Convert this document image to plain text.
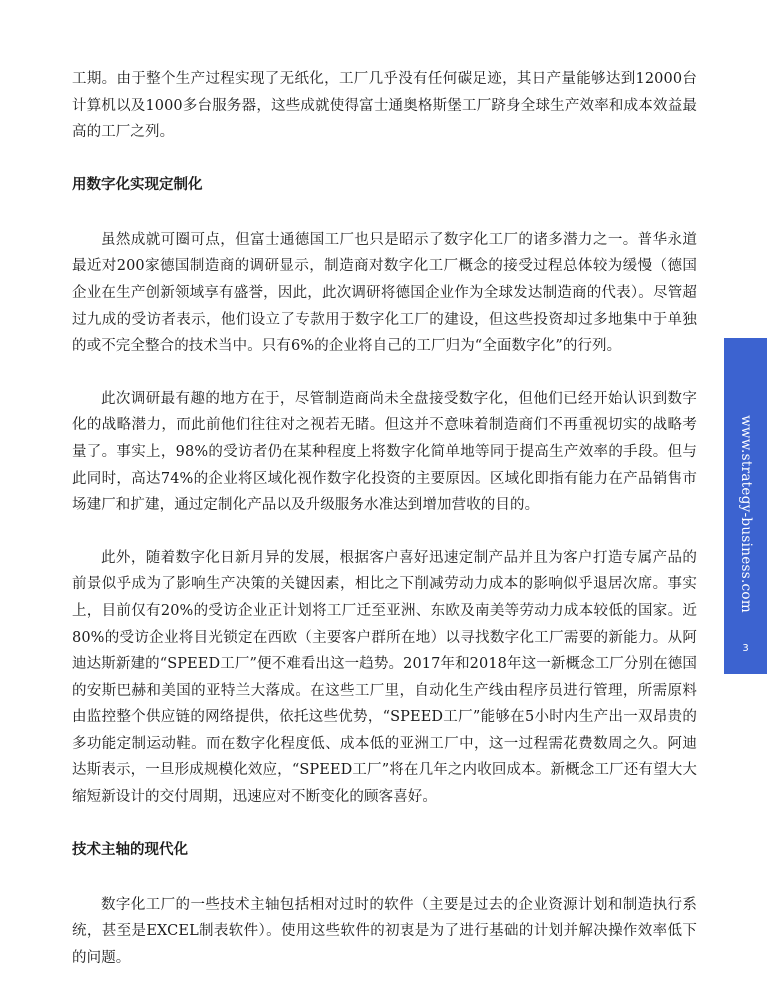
工期。由于整个生产过程实现了无纸化，工厂几乎没有任何碳足迹，其日产量能够达到12000台计算机以及1000多台服务器，这些成就使得富士通奥格斯堡工厂跻身全球生产效率和成本效益最高的工厂之列。

用数字化实现定制化

虽然成就可圈可点，但富士通德国工厂也只是昭示了数字化工厂的诸多潜力之一。普华永道最近对200家德国制造商的调研显示，制造商对数字化工厂概念的接受过程总体较为缓慢（德国企业在生产创新领域享有盛誉，因此，此次调研将德国企业作为全球发达制造商的代表）。尽管超过九成的受访者表示，他们设立了专款用于数字化工厂的建设，但这些投资却过多地集中于单独的或不完全整合的技术当中。只有6%的企业将自己的工厂归为“全面数字化”的行列。

此次调研最有趣的地方在于，尽管制造商尚未全盘接受数字化，但他们已经开始认识到数字化的战略潜力，而此前他们往往对之视若无睹。但这并不意味着制造商们不再重视切实的战略考量了。事实上，98%的受访者仍在某种程度上将数字化简单地等同于提高生产效率的手段。但与此同时，高达74%的企业将区域化视作数字化投资的主要原因。区域化即指有能力在产品销售市场建厂和扩建，通过定制化产品以及升级服务水准达到增加营收的目的。

此外，随着数字化日新月异的发展，根据客户喜好迅速定制产品并且为客户打造专属产品的前景似乎成为了影响生产决策的关键因素，相比之下削减劳动力成本的影响似乎退居次席。事实上，目前仅有20%的受访企业正计划将工厂迁至亚洲、东欧及南美等劳动力成本较低的国家。近80%的受访企业将目光锁定在西欧（主要客户群所在地）以寻找数字化工厂需要的新能力。从阿迪达斯新建的“SPEED工厂”便不难看出这一趋势。2017年和2018年这一新概念工厂分别在德国的安斯巴赫和美国的亚特兰大落成。在这些工厂里，自动化生产线由程序员进行管理，所需原料由监控整个供应链的网络提供，依托这些优势，“SPEED工厂”能够在5小时内生产出一双昂贵的多功能定制运动鞋。而在数字化程度低、成本低的亚洲工厂中，这一过程需花费数周之久。阿迪达斯表示，一旦形成规模化效应，“SPEED工厂”将在几年之内收回成本。新概念工厂还有望大大缩短新设计的交付周期，迅速应对不断变化的顾客喜好。

技术主轴的现代化

数字化工厂的一些技术主轴包括相对过时的软件（主要是过去的企业资源计划和制造执行系统，甚至是EXCEL制表软件）。使用这些软件的初衷是为了进行基础的计划并解决操作效率低下的问题。

www.strategy-business.com
3
